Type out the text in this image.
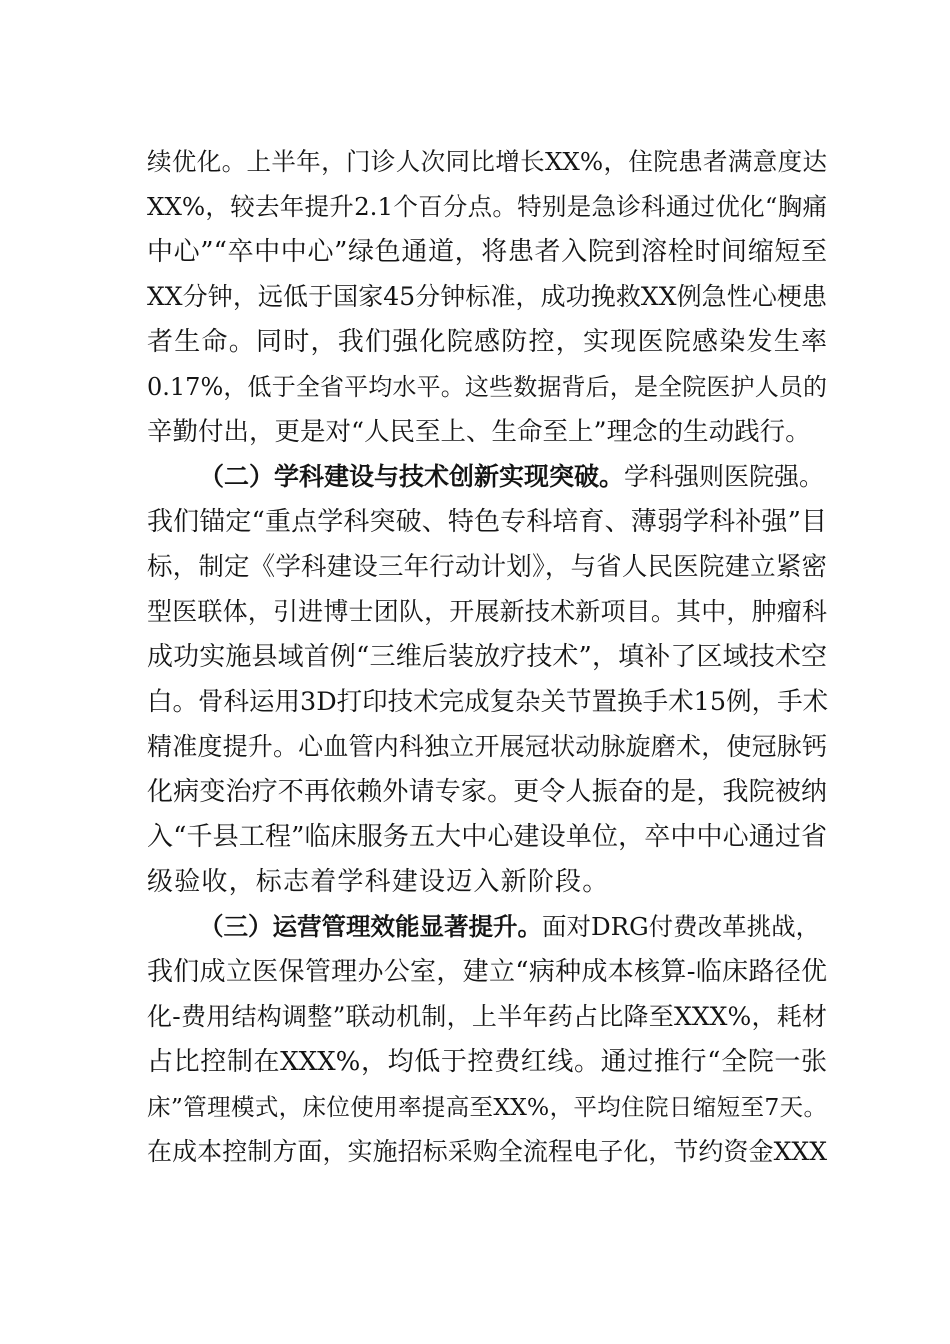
续优化。上半年，门诊人次同比增长XX%，住院患者满意度达
XX%，较去年提升2.1个百分点。特别是急诊科通过优化“胸痛
中心”“卒中中心”绿色通道，将患者入院到溶栓时间缩短至
XX分钟，远低于国家45分钟标准，成功挽救XX例急性心梗患
者生命。同时，我们强化院感防控，实现医院感染发生率
0.17%，低于全省平均水平。这些数据背后，是全院医护人员的
辛勤付出，更是对“人民至上、生命至上”理念的生动践行。
（二）学科建设与技术创新实现突破。学科强则医院强。
我们锚定“重点学科突破、特色专科培育、薄弱学科补强”目
标，制定《学科建设三年行动计划》，与省人民医院建立紧密
型医联体，引进博士团队，开展新技术新项目。其中，肿瘤科
成功实施县域首例“三维后装放疗技术”，填补了区域技术空
白。骨科运用3D打印技术完成复杂关节置换手术15例，手术
精准度提升。心血管内科独立开展冠状动脉旋磨术，使冠脉钙
化病变治疗不再依赖外请专家。更令人振奋的是，我院被纳
入“千县工程”临床服务五大中心建设单位，卒中中心通过省
级验收，标志着学科建设迈入新阶段。
（三）运营管理效能显著提升。面对DRG付费改革挑战，
我们成立医保管理办公室，建立“病种成本核算-临床路径优
化-费用结构调整”联动机制，上半年药占比降至XXX%，耗材
占比控制在XXX%，均低于控费红线。通过推行“全院一张
床”管理模式，床位使用率提高至XX%，平均住院日缩短至7天。
在成本控制方面，实施招标采购全流程电子化，节约资金XXX
